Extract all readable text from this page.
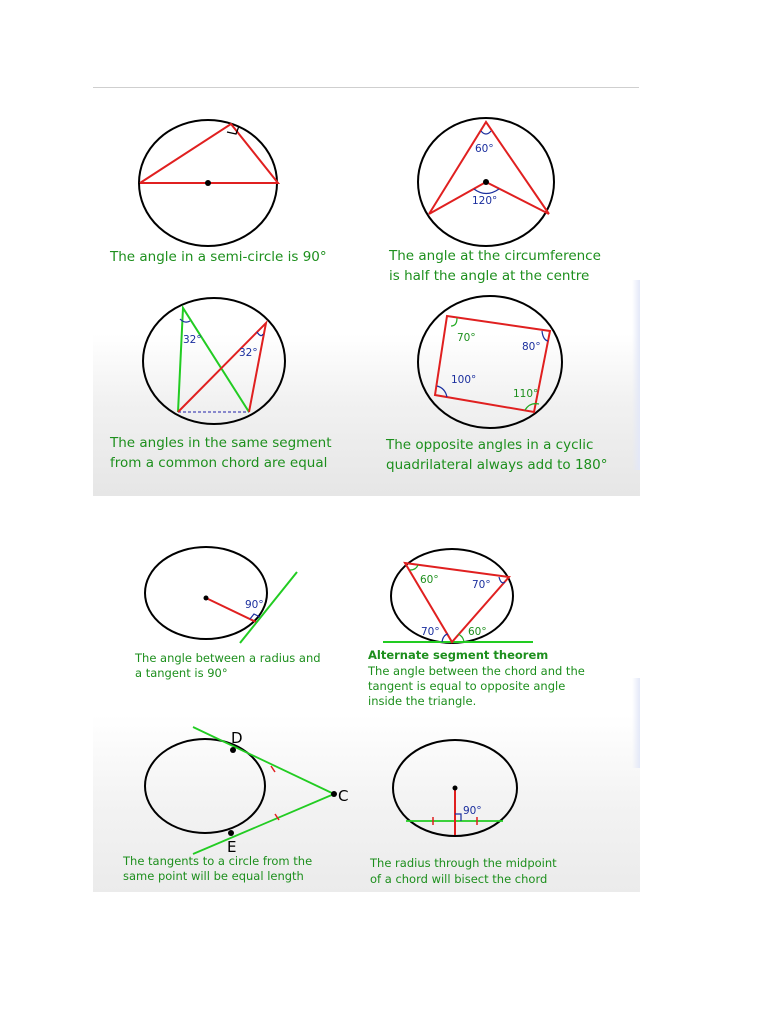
The angle in a semi-circle is 90°
60°
120°
The angle at the circumference
is half the angle at the centre
32°
32°
The angles in the same segment
from a common chord are equal
70°
80°
100°
110°
The opposite angles in a cyclic
quadrilateral always add to 180°
90°
The angle between a radius and
a tangent is 90°
60°	70°
70°	60°
Alternate segment theorem
The angle between the chord and the
tangent is equal to opposite angle
inside the triangle.
D
C
E
The tangents to a circle from the
same point will be equal length
90°
The radius through the midpoint
of a chord will bisect the chord
